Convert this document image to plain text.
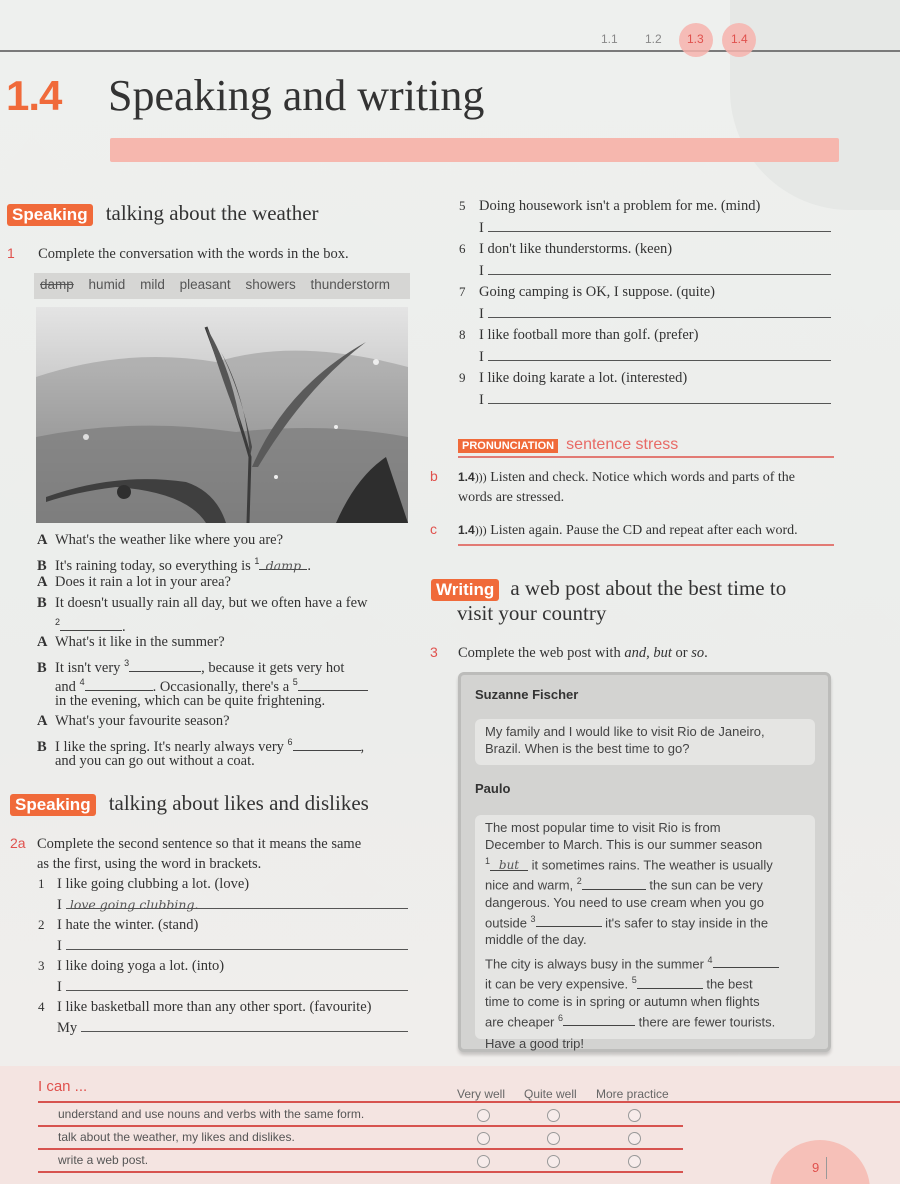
1.1 1.2 1.3 1.4
1.4 Speaking and writing
Speaking talking about the weather
1 Complete the conversation with the words in the box.
damp humid mild pleasant showers thunderstorm
A What's the weather like where you are?
B It's raining today, so everything is $^1$ damp .
A Does it rain a lot in your area?
B It doesn't usually rain all day, but we often have a few
$^2$	.
A What's it like in the summer?
B It isn't very $^3$	, because it gets very hot
and $^4$	. Occasionally, there's a $^5$
in the evening, which can be quite frightening.
A What's your favourite season?
B I like the spring. It's nearly always very $^6$	,
and you can go out without a coat.
Speaking talking about likes and dislikes
2a Complete the second sentence so that it means the same
as the first, using the word in brackets.
1 I like going clubbing a lot. (love)
I love going clubbing.
2 I hate the winter. (stand)
I
3 I like doing yoga a lot. (into)
I
4 I like basketball more than any other sport. (favourite)
My
5 Doing housework isn't a problem for me. (mind)
I
6 I don't like thunderstorms. (keen)
I
7 Going camping is OK, I suppose. (quite)
I
8 I like football more than golf. (prefer)
I
9 I like doing karate a lot. (interested)
I
PRONUNCIATION sentence stress
b 1.4))) Listen and check. Notice which words and parts of the
words are stressed.
c 1.4))) Listen again. Pause the CD and repeat after each word.
Writing a web post about the best time to
visit your country
3 Complete the web post with and, but or so.
Suzanne Fischer
My family and I would like to visit Rio de Janeiro,
Brazil. When is the best time to go?
Paulo
The most popular time to visit Rio is from
December to March. This is our summer season
$^1$ but it sometimes rains. The weather is usually
nice and warm, $^2$	the sun can be very
dangerous. You need to use cream when you go
outside $^3$	it's safer to stay inside in the
middle of the day.
The city is always busy in the summer $^4$
it can be very expensive. $^5$	the best
time to come is in spring or autumn when flights
are cheaper $^6$	there are fewer tourists.
Have a good trip!
I can ...	Very well Quite well More practice
understand and use nouns and verbs with the same form.
talk about the weather, my likes and dislikes.
write a web post.	9
